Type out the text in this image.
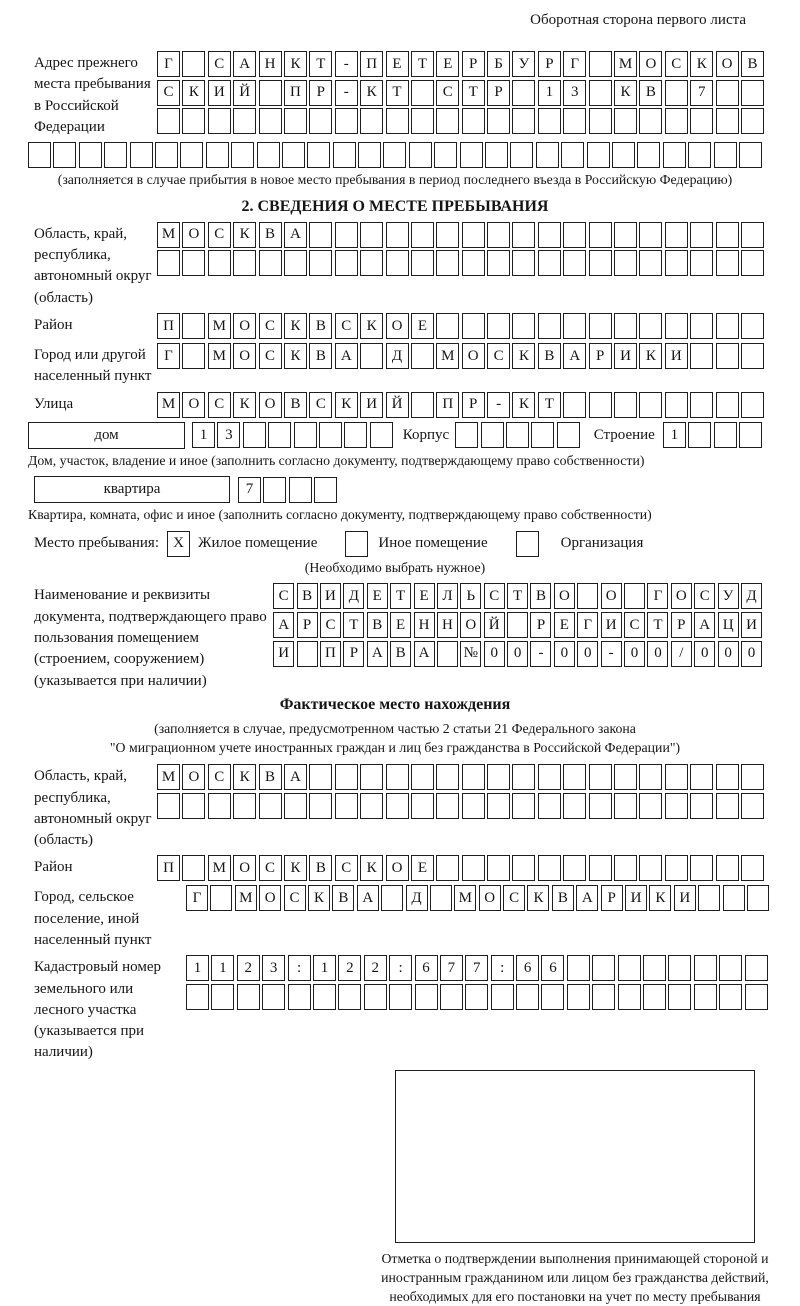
Оборотная сторона первого листа
Адрес прежнего места пребывания в Российской Федерации
Г	С А Н К	Т	-	П	Е	Т	Е	Р	Б	У	Р	Г	М О С	К О В
С	К И Й	П	Р	-	К	Т	С	Т	Р	1	3	К	В	7
(заполняется в случае прибытия в новое место пребывания в период последнего въезда в Российскую Федерацию)
2. СВЕДЕНИЯ О МЕСТЕ ПРЕБЫВАНИЯ
Область, край, республика, автономный округ (область)
М О С	К	В А
Район	П	М О С	К	В	С	К О	Е
Город или другой населенный пункт
Г	М О С	К	В А	Д	М О С	К	В А	Р	И К И
Улица	М О С	К О В	С	К И Й	П	Р	-	К	Т
дом	1	3	Корпус	Строение	1
Дом, участок, владение и иное (заполнить согласно документу, подтверждающему право собственности)
квартира	7
Квартира, комната, офис и иное (заполнить согласно документу, подтверждающему право собственности)
Место пребывания: X Жилое помещение	Иное помещение	Организация
(Необходимо выбрать нужное)
Наименование и реквизиты документа, подтверждающего право пользования помещением (строением, сооружением) (указывается при наличии)
С В И Д Е Т Е Л Ь С Т В О	О	Г О С У Д
А Р С Т В Е Н Н О Й	Р Е Г И С Т Р А Ц И
И	П Р А В А	№ 0	0	-	0	0	-	0	0	/	0	0	0
Фактическое место нахождения
(заполняется в случае, предусмотренном частью 2 статьи 21 Федерального закона
"О миграционном учете иностранных граждан и лиц без гражданства в Российской Федерации")
Область, край, республика, автономный округ (область)
М О С	К	В А
Район	П	М О С	К	В	С	К О	Е
Город, сельское поселение, иной населенный пункт
Г	М О С К В А	Д	М О С К В А Р И К И
Кадастровый номер земельного или лесного участка (указывается при наличии)
1	1	2	3	:	1	2	2	:	6	7	7	:	6	6
Отметка о подтверждении выполнения принимающей стороной и иностранным гражданином или лицом без гражданства действий, необходимых для его постановки на учет по месту пребывания
